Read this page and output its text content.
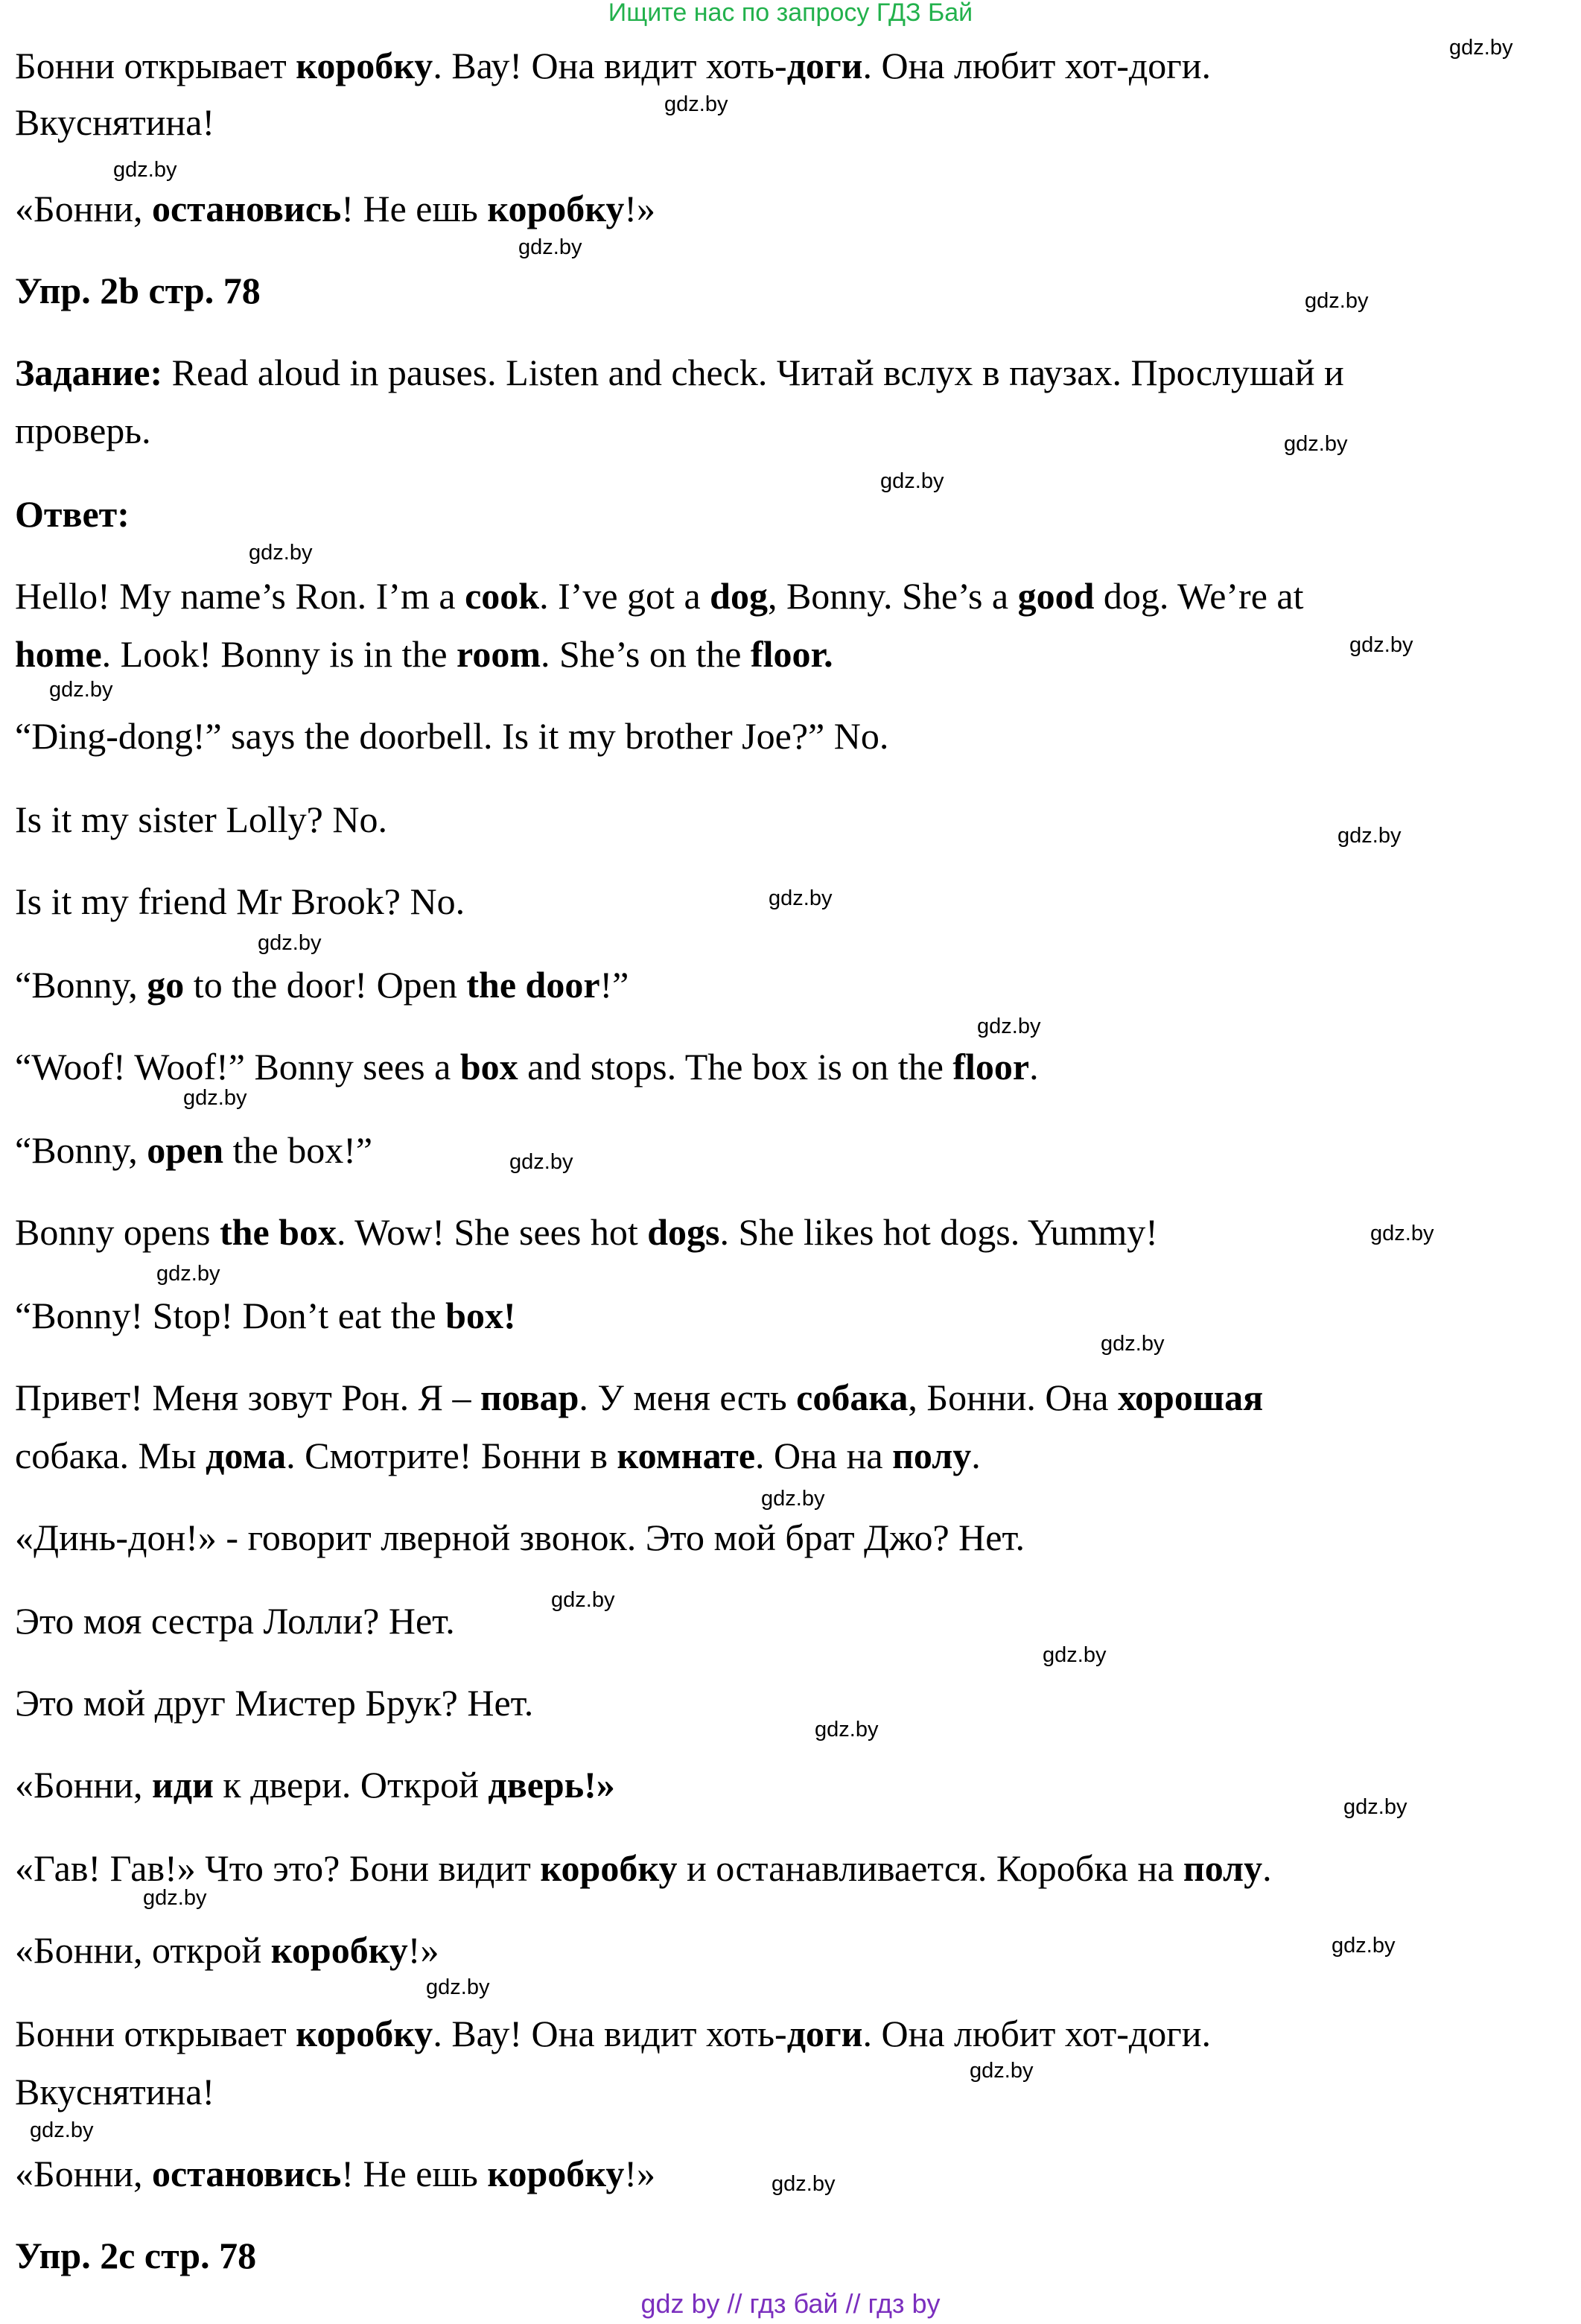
Ищите нас по запросу ГДЗ Бай
Бонни открывает коробку. Вау! Она видит хоть-доги. Она любит хот-доги.
Вкуснятина!
«Бонни, остановись! Не ешь коробку!»
Упр. 2b стр. 78
Задание: Read aloud in pauses. Listen and check. Читай вслух в паузах. Прослушай и
проверь.
Ответ:
Hello! My name’s Ron. I’m a cook. I’ve got a dog, Bonny. She’s a good dog. We’re at
home. Look! Bonny is in the room. She’s on the floor.
“Ding-dong!” says the doorbell. Is it my brother Joe?” No.
Is it my sister Lolly? No.
Is it my friend Mr Brook? No.
“Bonny, go to the door! Open the door!”
“Woof! Woof!” Bonny sees a box and stops. The box is on the floor.
“Bonny, open the box!”
Bonny opens the box. Wow! She sees hot dogs. She likes hot dogs. Yummy!
“Bonny! Stop! Don’t eat the box!
Привет! Меня зовут Рон. Я – повар. У меня есть собака, Бонни. Она хорошая
собака. Мы дома. Смотрите! Бонни в комнате. Она на полу.
«Динь-дон!» - говорит лверной звонок. Это мой брат Джо? Нет.
Это моя сестра Лолли? Нет.
Это мой друг Мистер Брук? Нет.
«Бонни, иди к двери. Открой дверь!»
«Гав! Гав!» Что это? Бони видит коробку и останавливается. Коробка на полу.
«Бонни, открой коробку!»
Бонни открывает коробку. Вау! Она видит хоть-доги. Она любит хот-доги.
Вкуснятина!
«Бонни, остановись! Не ешь коробку!»
Упр. 2c стр. 78
gdz.by
gdz.by
gdz.by
gdz.by
gdz.by
gdz.by
gdz.by
gdz.by
gdz.by
gdz.by
gdz.by
gdz.by
gdz.by
gdz.by
gdz.by
gdz.by
gdz.by
gdz.by
gdz.by
gdz.by
gdz.by
gdz.by
gdz.by
gdz.by
gdz.by
gdz.by
gdz.by
gdz.by
gdz.by
gdz.by
gdz by // гдз бай // гдз by
